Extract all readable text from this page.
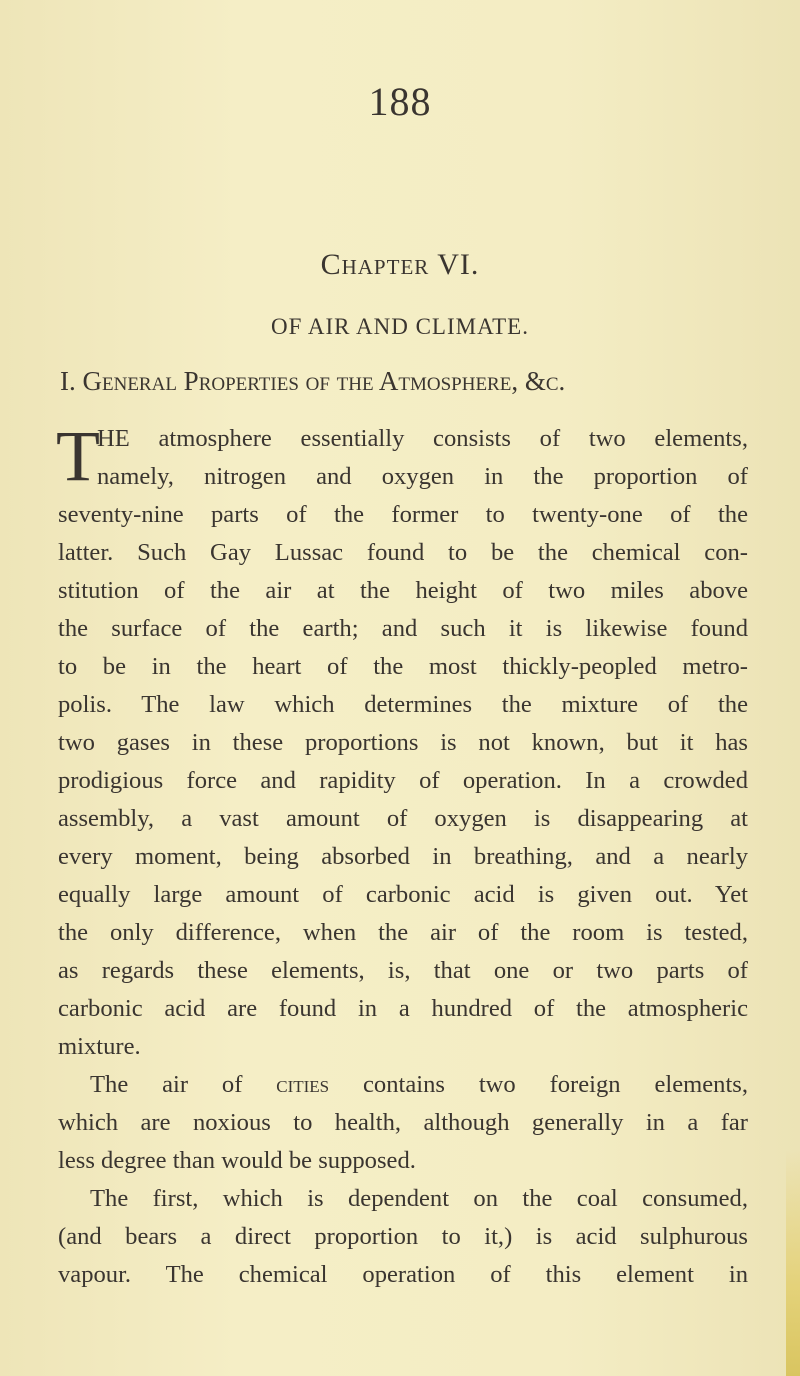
188
Chapter VI.
OF AIR AND CLIMATE.
I. General Properties of the Atmosphere, &c.
T
HE atmosphere essentially consists of two elements,
namely, nitrogen and oxygen in the proportion of
seventy-nine parts of the former to twenty-one of the
latter. Such Gay Lussac found to be the chemical con-
stitution of the air at the height of two miles above
the surface of the earth; and such it is likewise found
to be in the heart of the most thickly-peopled metro-
polis. The law which determines the mixture of the
two gases in these proportions is not known, but it has
prodigious force and rapidity of operation. In a crowded
assembly, a vast amount of oxygen is disappearing at
every moment, being absorbed in breathing, and a nearly
equally large amount of carbonic acid is given out. Yet
the only difference, when the air of the room is tested,
as regards these elements, is, that one or two parts of
carbonic acid are found in a hundred of the atmospheric
mixture.
The air of cities contains two foreign elements,
which are noxious to health, although generally in a far
less degree than would be supposed.
The first, which is dependent on the coal consumed,
(and bears a direct proportion to it,) is acid sulphurous
vapour. The chemical operation of this element in
